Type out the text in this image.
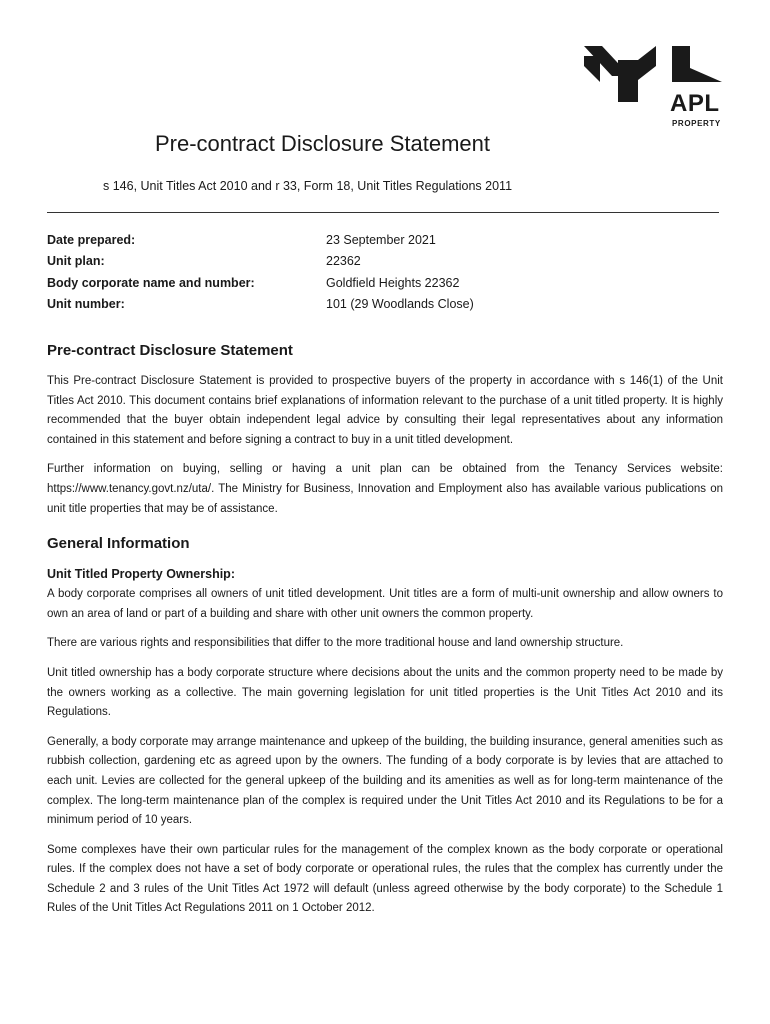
APL
PROPERTY
Pre-contract Disclosure Statement
s 146, Unit Titles Act 2010 and r 33, Form 18, Unit Titles Regulations 2011
Date prepared:	23 September 2021
Unit plan:	22362
Body corporate name and number:	Goldfield Heights 22362
Unit number:	101 (29 Woodlands Close)
Pre-contract Disclosure Statement

This Pre-contract Disclosure Statement is provided to prospective buyers of the property in accordance with s 146(1) of the Unit Titles Act 2010. This document contains brief explanations of information relevant to the purchase of a unit titled property. It is highly recommended that the buyer obtain independent legal advice by consulting their legal representatives about any information contained in this statement and before signing a contract to buy in a unit titled development.

Further information on buying, selling or having a unit plan can be obtained from the Tenancy Services website: https://www.tenancy.govt.nz/uta/. The Ministry for Business, Innovation and Employment also has available various publications on unit title properties that may be of assistance.

General Information
Unit Titled Property Ownership:

A body corporate comprises all owners of unit titled development. Unit titles are a form of multi-unit ownership and allow owners to own an area of land or part of a building and share with other unit owners the common property.

There are various rights and responsibilities that differ to the more traditional house and land ownership structure.

Unit titled ownership has a body corporate structure where decisions about the units and the common property need to be made by the owners working as a collective. The main governing legislation for unit titled properties is the Unit Titles Act 2010 and its Regulations.

Generally, a body corporate may arrange maintenance and upkeep of the building, the building insurance, general amenities such as rubbish collection, gardening etc as agreed upon by the owners. The funding of a body corporate is by levies that are attached to each unit. Levies are collected for the general upkeep of the building and its amenities as well as for long-term maintenance of the complex. The long-term maintenance plan of the complex is required under the Unit Titles Act 2010 and its Regulations to be for a minimum period of 10 years.

Some complexes have their own particular rules for the management of the complex known as the body corporate or operational rules. If the complex does not have a set of body corporate or operational rules, the rules that the complex has currently under the Schedule 2 and 3 rules of the Unit Titles Act 1972 will default (unless agreed otherwise by the body corporate) to the Schedule 1 Rules of the Unit Titles Act Regulations 2011 on 1 October 2012.
